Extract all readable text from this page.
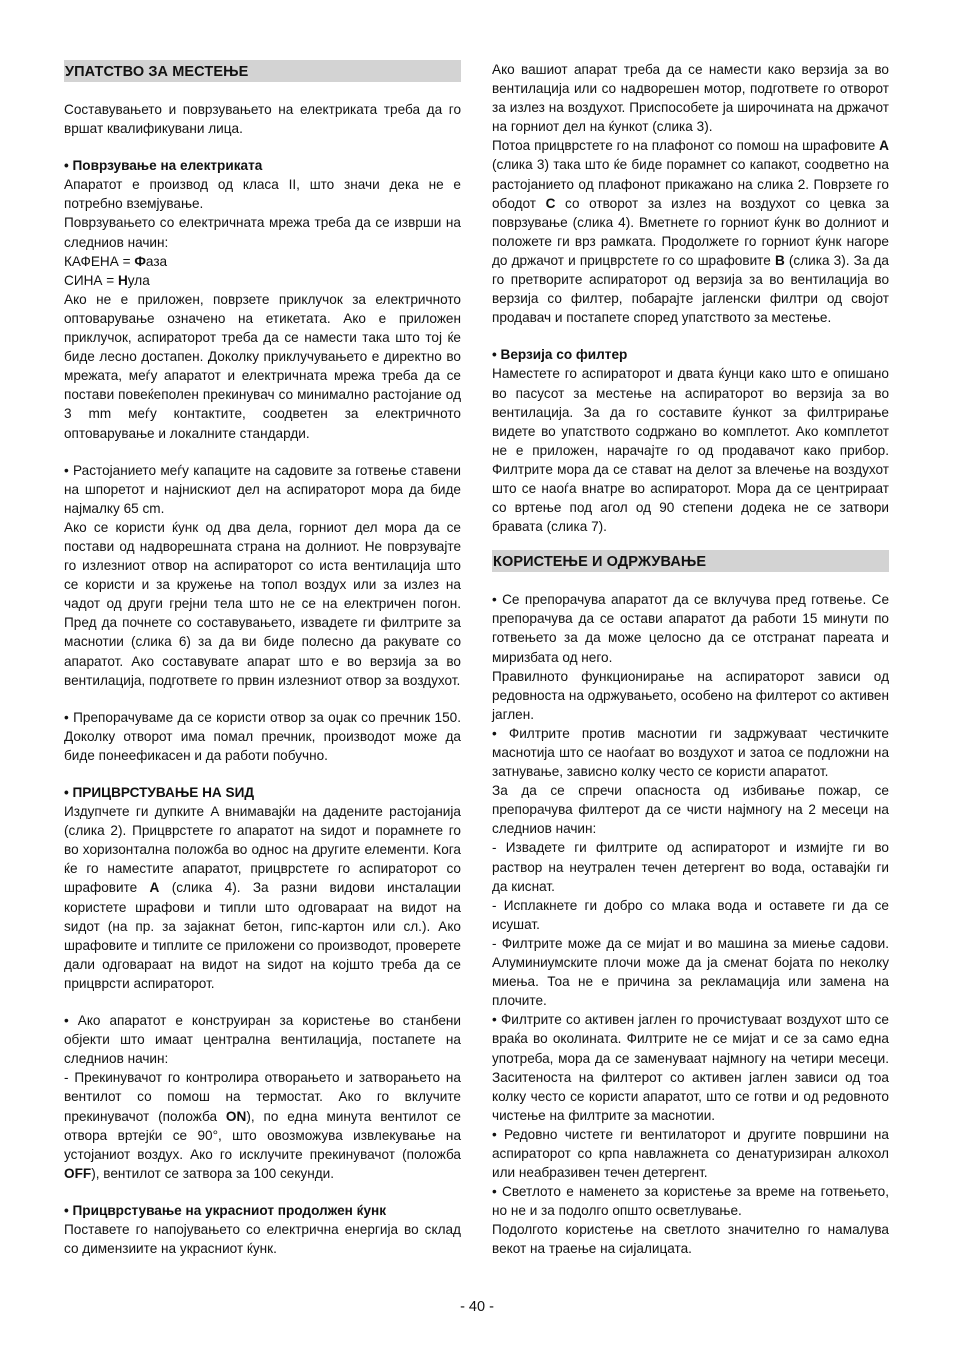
УПАТСТВО ЗА МЕСТЕЊЕ

Составувањето и поврзувањето на електриката треба да го вршат квалификувани лица.

• Поврзување на електриката

Апаратот е производ од класа II, што значи дека не е потребно вземјување.

Поврзувањето со електричната мрежа треба да се изврши на следниов начин:

КАФЕНА = Фаза

СИНА = Нула

Ако не е приложен, поврзете приклучок за електричното оптоварување означено на етикетата. Ако е приложен приклучок, аспираторот треба да се намести така што тој ќе биде лесно достапен. Доколку приклучувањето е директно во мрежата, меѓу апаратот и електричната мрежа треба да се постави повеќеполен прекинувач со минимално растојание од 3 mm меѓу контактите, соодветен за електричното оптоварување и локалните стандарди.

• Растојанието меѓу капаците на садовите за готвење ставени на шпоретот и најнискиот дел на аспираторот мора да биде најмалку 65 cm.

Ако се користи ќунк од два дела, горниот дел мора да се постави од надворешната страна на долниот. Не поврзувајте го излезниот отвор на аспираторот со иста вентилација што се користи и за кружење на топол воздух или за излез на чадот од други грејни тела што не се на електричен погон. Пред да почнете со составувањето, извадете ги филтрите за маснотии (слика 6) за да ви биде полесно да ракувате со апаратот. Ако составувате апарат што е во верзија за во вентилација, подгответе го првин излезниот отвор за воздухот.

• Препорачуваме да се користи отвор за оџак со пречник 150. Доколку отворот има помал пречник, производот може да биде понеефикасен и да работи побучно.

• ПРИЦВРСТУВАЊЕ НА ЅИД

Издупчете ги дупките A внимавајќи на дадените растојанија (слика 2). Прицврстете го апаратот на ѕидот и порамнете го во хоризонтална положба во однос на другите елементи. Кога ќе го наместите апаратот, прицврстете го аспираторот со шрафовите A (слика 4). За разни видови инсталации користете шрафови и типли што одговараат на видот на ѕидот (на пр. за зајакнат бетон, гипс-картон или сл.). Ако шрафовите и типлите се приложени со производот, проверете дали одговараат на видот на ѕидот на којшто треба да се прицврсти аспираторот.

• Ако апаратот е конструиран за користење во станбени објекти што имаат централна вентилација, постапете на следниов начин:

- Прекинувачот го контролира отворањето и затворањето на вентилот со помош на термостат. Ако го вклучите прекинувачот (положба ON), по една минута вентилот се отвора вртејќи се 90°, што овозможува извлекување на устојаниот воздух. Ако го исклучите прекинувачот (положба OFF), вентилот се затвора за 100 секунди.

• Прицврстување на украсниот продолжен ќунк

Поставете го напојувањето со електрична енергија во склад со димензиите на украсниот ќунк.

Ако вашиот апарат треба да се намести како верзија за во вентилација или со надворешен мотор, подгответе го отворот за излез на воздухот. Приспособете ја широчината на држачот на горниот дел на ќункот (слика 3).

Потоа прицврстете го на плафонот со помош на шрафовите A (слика 3) така што ќе биде порамнет со капакот, соодветно на растојанието од плафонот прикажано на слика 2. Поврзете го ободот C со отворот за излез на воздухот со цевка за поврзување (слика 4). Вметнете го горниот ќунк во долниот и положете ги врз рамката. Продолжете го горниот ќунк нагоре до држачот и прицврстете го со шрафовите B (слика 3). За да го претворите аспираторот од верзија за во вентилација во верзија со филтер, побарајте јагленски филтри од својот продавач и постапете според упатството за местење.

• Верзија со филтер

Наместете го аспираторот и двата ќунци како што е опишано во пасусот за местење на аспираторот во верзија за во вентилација. За да го составите ќункот за филтрирање видете во упатството содржано во комплетот. Ако комплетот не е приложен, нарачајте го од продавачот како прибор. Филтрите мора да се стават на делот за влечење на воздухот што се наоѓа внатре во аспираторот. Мора да се центрираат со вртење под агол од 90 степени додека не се затвори бравата (слика 7).

КОРИСТЕЊЕ И ОДРЖУВАЊЕ

• Се препорачува апаратот да се вклучува пред готвење. Се препорачува да се остави апаратот да работи 15 минути по готвењето за да може целосно да се отстранат пареата и миризбата од него.

Правилното функционирање на аспираторот зависи од редовноста на одржувањето, особено на филтерот со активен јаглен.

• Филтрите против маснотии ги задржуваат честичките маснотија што се наоѓаат во воздухот и затоа се подложни на затнување, зависно колку често се користи апаратот.

За да се спречи опасноста од избивање пожар, се препорачува филтерот да се чисти најмногу на 2 месеци на следниов начин:

- Извадете ги филтрите од аспираторот и измијте ги во раствор на неутрален течен детергент во вода, оставајќи ги да киснат.

- Исплакнете ги добро со млака вода и оставете ги да се исушат.

- Филтрите може да се мијат и во машина за миење садови. Алуминиумските плочи може да ја сменат бојата по неколку миења. Тоа не е причина за рекламација или замена на плочите.

• Филтрите со активен јаглен го прочистуваат воздухот што се враќа во околината. Филтрите не се мијат и се за само една употреба, мора да се заменуваат најмногу на четири месеци. Заситеноста на филтерот со активен јаглен зависи од тоа колку често се користи апаратот, што се готви и од редовното чистење на филтрите за маснотии.

• Редовно чистете ги вентилаторот и другите површини на аспираторот со крпа навлажнета со денатуризиран алкохол или неабразивен течен детергент.

• Светлото е наменето за користење за време на готвењето, но не и за подолго општо осветлување.

Подолгото користење на светлото значително го намалува векот на траење на сијалицата.

- 40 -
